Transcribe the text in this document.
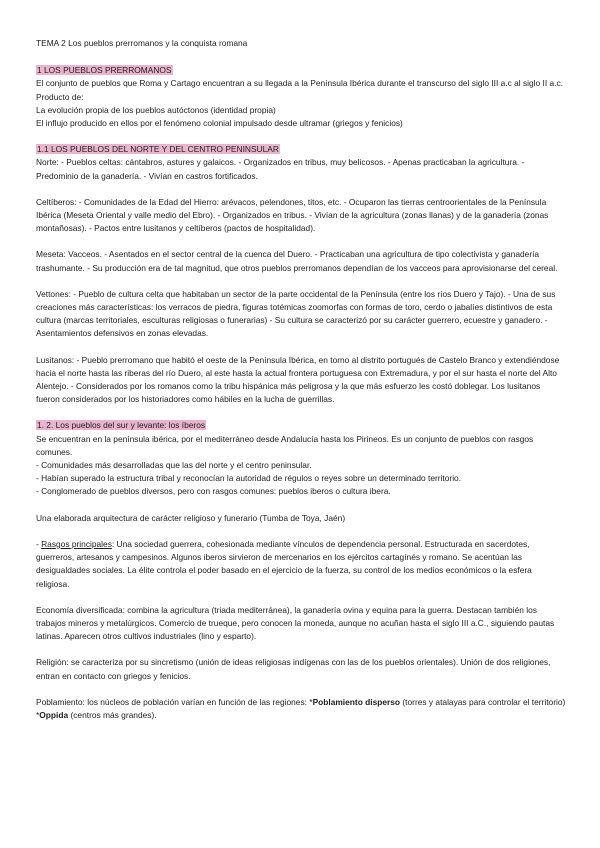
TEMA 2 Los pueblos prerromanos y la conquista romana
1 LOS PUEBLOS PRERROMANOS
El conjunto de pueblos que Roma y Cartago encuentran a su llegada a la Península Ibérica durante el transcurso del siglo III a.c al siglo II a.c. Producto de:
La evolución propia de los pueblos autóctonos (identidad propia)
El influjo producido en ellos por el fenómeno colonial impulsado desde ultramar (griegos y fenicios)
1.1 LOS PUEBLOS DEL NORTE Y DEL CENTRO PENINSULAR
Norte: - Pueblos celtas: cántabros, astures y galaicos. - Organizados en tribus, muy belicosos. - Apenas practicaban la agricultura. - Predominio de la ganadería. - Vivían en castros fortificados.
Celtíberos: - Comunidades de la Edad del Hierro: arévacos, pelendones, titos, etc. - Ocuparon las tierras centroorientales de la Península Ibérica (Meseta Oriental y valle medio del Ebro). - Organizados en tribus. - Vivían de la agricultura (zonas llanas) y de la ganadería (zonas montañosas). - Pactos entre lusitanos y celtíberos (pactos de hospitalidad).
Meseta: Vacceos. - Asentados en el sector central de la cuenca del Duero. - Practicaban una agricultura de tipo colectivista y ganadería trashumante. - Su producción era de tal magnitud, que otros pueblos prerromanos dependían de los vacceos para aprovisionarse del cereal.
Vettones: - Pueblo de cultura celta que habitaban un sector de la parte occidental de la Península (entre los ríos Duero y Tajo). - Una de sus creaciones más características: los verracos de piedra, figuras totémicas zoomorfas con formas de toro, cerdo o jabalíes distintivos de esta cultura (marcas territoriales, esculturas religiosas o funerarias) - Su cultura se caracterizó por su carácter guerrero, ecuestre y ganadero. - Asentamientos defensivos en zonas elevadas.
Lusitanos: - Pueblo prerromano que habitó el oeste de la Península Ibérica, en torno al distrito portugués de Castelo Branco y extendiéndose hacia el norte hasta las riberas del río Duero, al este hasta la actual frontera portuguesa con Extremadura, y por el sur hasta el norte del Alto Alentejo. - Considerados por los romanos como la tribu hispánica más peligrosa y la que más esfuerzo les costó doblegar. Los lusitanos fueron considerados por los historiadores como hábiles en la lucha de guerrillas.
1. 2. Los pueblos del sur y levante: los íberos
Se encuentran en la península ibérica, por el mediterráneo desde Andalucía hasta los Pirineos. Es un conjunto de pueblos con rasgos comunes.
- Comunidades más desarrolladas que las del norte y el centro peninsular.
- Habían superado la estructura tribal y reconocían la autoridad de régulos o reyes sobre un determinado territorio.
- Conglomerado de pueblos diversos, pero con rasgos comunes: pueblos iberos o cultura ibera.
Una elaborada arquitectura de carácter religioso y funerario (Tumba de Toya, Jaén)
- Rasgos principales: Una sociedad guerrera, cohesionada mediante vínculos de dependencia personal. Estructurada en sacerdotes, guerreros, artesanos y campesinos. Algunos iberos sirvieron de mercenarios en los ejércitos cartagínés y romano. Se acentúan las desigualdades sociales. La élite controla el poder basado en el ejercicio de la fuerza, su control de los medios económicos o la esfera religiosa.
Economía diversificada: combina la agricultura (triada mediterránea), la ganadería ovina y equina para la guerra. Destacan también los trabajos mineros y metalúrgicos. Comercio de trueque, pero conocen la moneda, aunque no acuñan hasta el siglo III a.C., siguiendo pautas latinas. Aparecen otros cultivos industriales (lino y esparto).
Religión: se caracteriza por su sincretismo (unión de ideas religiosas indígenas con las de los pueblos orientales). Unión de dos religiones, entran en contacto con griegos y fenicios.
Poblamiento: los núcleos de población varían en función de las regiones: *Poblamiento disperso (torres y atalayas para controlar el territorio) *Oppida (centros más grandes).
